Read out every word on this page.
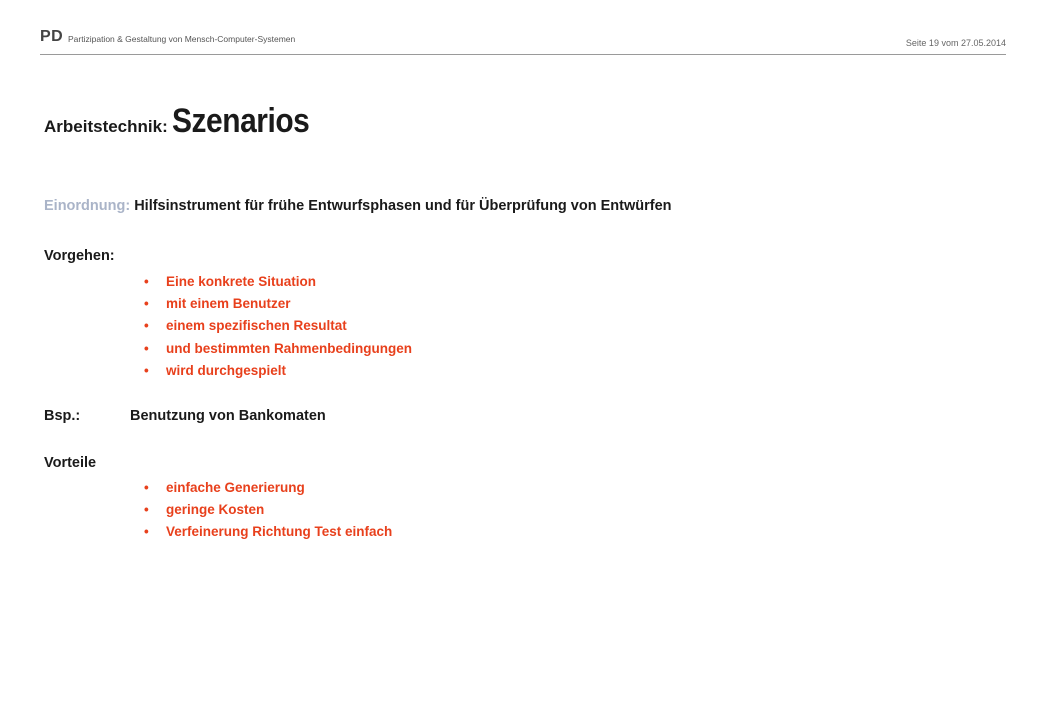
PD Partizipation & Gestaltung von Mensch-Computer-Systemen	Seite 19 vom 27.05.2014
Arbeitstechnik: Szenarios
Einordnung: Hilfsinstrument für frühe Entwurfsphasen und für Überprüfung von Entwürfen
Vorgehen:
• Eine konkrete Situation
• mit einem Benutzer
• einem spezifischen Resultat
• und bestimmten Rahmenbedingungen
• wird durchgespielt
Bsp.:	Benutzung von Bankomaten
Vorteile
• einfache Generierung
• geringe Kosten
• Verfeinerung Richtung Test einfach
